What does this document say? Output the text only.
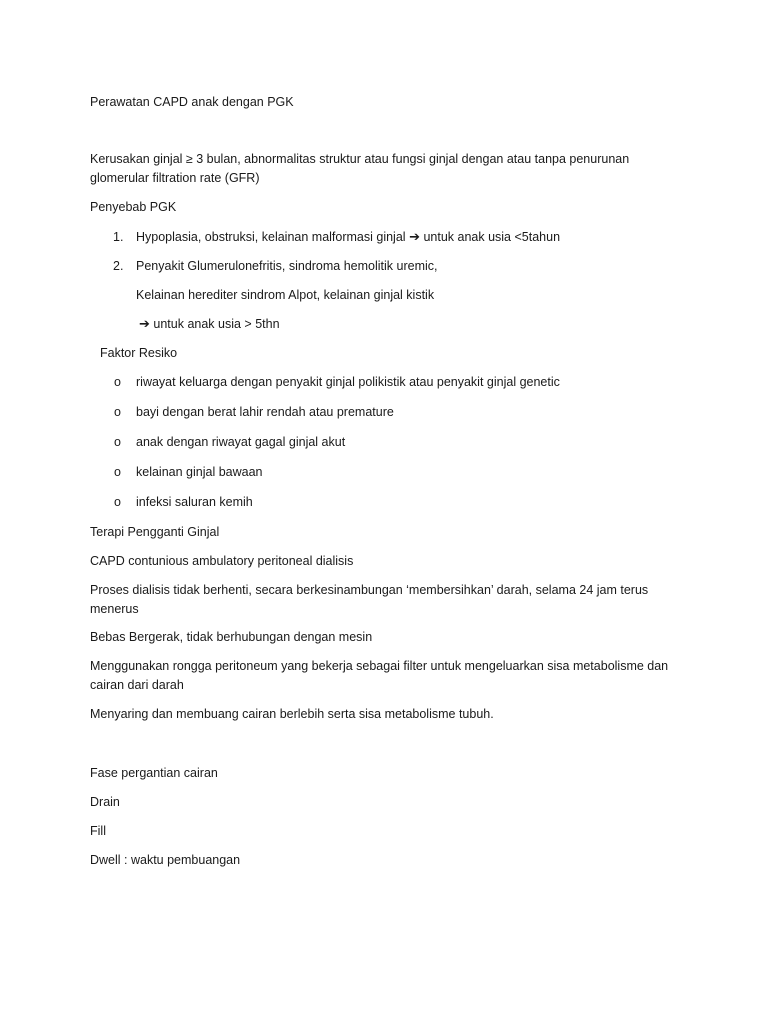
Perawatan CAPD anak dengan PGK
Kerusakan ginjal ≥ 3 bulan, abnormalitas struktur atau fungsi ginjal dengan atau tanpa penurunan glomerular filtration rate (GFR)
Penyebab PGK
1. Hypoplasia, obstruksi, kelainan malformasi ginjal ➔ untuk anak usia <5tahun
2. Penyakit Glumerulonefritis, sindroma hemolitik uremic,
Kelainan herediter sindrom Alpot, kelainan ginjal kistik
➔ untuk anak usia > 5thn
Faktor Resiko
o riwayat keluarga dengan penyakit ginjal polikistik atau penyakit ginjal genetic
o bayi dengan berat lahir rendah atau premature
o anak dengan riwayat gagal ginjal akut
o kelainan ginjal bawaan
o infeksi saluran kemih
Terapi Pengganti Ginjal
CAPD contunious ambulatory peritoneal dialisis
Proses dialisis tidak berhenti, secara berkesinambungan ‘membersihkan’ darah, selama 24 jam terus menerus
Bebas Bergerak, tidak berhubungan dengan mesin
Menggunakan rongga peritoneum yang bekerja sebagai filter untuk mengeluarkan sisa metabolisme dan cairan dari darah
Menyaring dan membuang cairan berlebih serta sisa metabolisme tubuh.
Fase pergantian cairan
Drain
Fill
Dwell : waktu pembuangan
